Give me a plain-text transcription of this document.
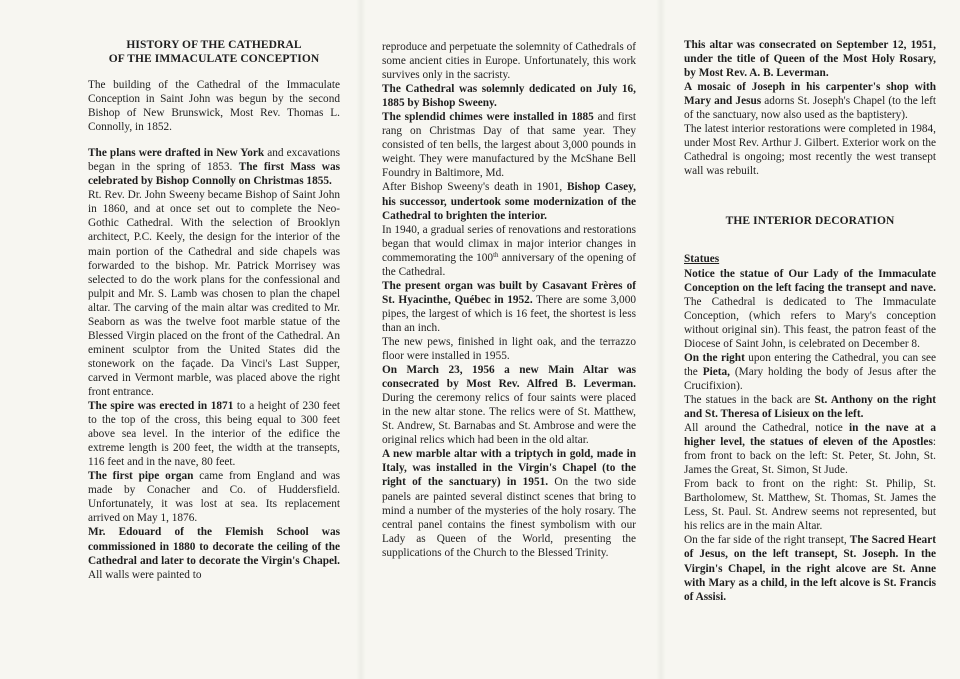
HISTORY OF THE CATHEDRAL
OF THE IMMACULATE CONCEPTION

The building of the Cathedral of the Immaculate Conception in Saint John was begun by the second Bishop of New Brunswick, Most Rev. Thomas L. Connolly, in 1852.

The plans were drafted in New York and excavations began in the spring of 1853. The first Mass was celebrated by Bishop Connolly on Christmas 1855.

Rt. Rev. Dr. John Sweeny became Bishop of Saint John in 1860, and at once set out to complete the Neo-Gothic Cathedral. With the selection of Brooklyn architect, P.C. Keely, the design for the interior of the main portion of the Cathedral and side chapels was forwarded to the bishop. Mr. Patrick Morrisey was selected to do the work plans for the confessional and pulpit and Mr. S. Lamb was chosen to plan the chapel altar. The carving of the main altar was credited to Mr. Seaborn as was the twelve foot marble statue of the Blessed Virgin placed on the front of the Cathedral. An eminent sculptor from the United States did the stonework on the façade. Da Vinci's Last Supper, carved in Vermont marble, was placed above the right front entrance.

The spire was erected in 1871 to a height of 230 feet to the top of the cross, this being equal to 300 feet above sea level. In the interior of the edifice the extreme length is 200 feet, the width at the transepts, 116 feet and in the nave, 80 feet.

The first pipe organ came from England and was made by Conacher and Co. of Huddersfield. Unfortunately, it was lost at sea. Its replacement arrived on May 1, 1876.

Mr. Edouard of the Flemish School was commissioned in 1880 to decorate the ceiling of the Cathedral and later to decorate the Virgin's Chapel. All walls were painted to

reproduce and perpetuate the solemnity of Cathedrals of some ancient cities in Europe. Unfortunately, this work survives only in the sacristy.

The Cathedral was solemnly dedicated on July 16, 1885 by Bishop Sweeny.

The splendid chimes were installed in 1885 and first rang on Christmas Day of that same year. They consisted of ten bells, the largest about 3,000 pounds in weight. They were manufactured by the McShane Bell Foundry in Baltimore, Md.

After Bishop Sweeny's death in 1901, Bishop Casey, his successor, undertook some modernization of the Cathedral to brighten the interior.

In 1940, a gradual series of renovations and restorations began that would climax in major interior changes in commemorating the 100th anniversary of the opening of the Cathedral.

The present organ was built by Casavant Frères of St. Hyacinthe, Québec in 1952. There are some 3,000 pipes, the largest of which is 16 feet, the shortest is less than an inch.

The new pews, finished in light oak, and the terrazzo floor were installed in 1955.

On March 23, 1956 a new Main Altar was consecrated by Most Rev. Alfred B. Leverman. During the ceremony relics of four saints were placed in the new altar stone. The relics were of St. Matthew, St. Andrew, St. Barnabas and St. Ambrose and were the original relics which had been in the old altar.

A new marble altar with a triptych in gold, made in Italy, was installed in the Virgin's Chapel (to the right of the sanctuary) in 1951. On the two side panels are painted several distinct scenes that bring to mind a number of the mysteries of the holy rosary. The central panel contains the finest symbolism with our Lady as Queen of the World, presenting the supplications of the Church to the Blessed Trinity.

This altar was consecrated on September 12, 1951, under the title of Queen of the Most Holy Rosary, by Most Rev. A. B. Leverman.

A mosaic of Joseph in his carpenter's shop with Mary and Jesus adorns St. Joseph's Chapel (to the left of the sanctuary, now also used as the baptistery).

The latest interior restorations were completed in 1984, under Most Rev. Arthur J. Gilbert. Exterior work on the Cathedral is ongoing; most recently the west transept wall was rebuilt.

THE INTERIOR DECORATION

Statues

Notice the statue of Our Lady of the Immaculate Conception on the left facing the transept and nave. The Cathedral is dedicated to The Immaculate Conception, (which refers to Mary's conception without original sin). This feast, the patron feast of the Diocese of Saint John, is celebrated on December 8.

On the right upon entering the Cathedral, you can see the Pieta, (Mary holding the body of Jesus after the Crucifixion).

The statues in the back are St. Anthony on the right and St. Theresa of Lisieux on the left.

All around the Cathedral, notice in the nave at a higher level, the statues of eleven of the Apostles: from front to back on the left: St. Peter, St. John, St. James the Great, St. Simon, St Jude.

From back to front on the right: St. Philip, St. Bartholomew, St. Matthew, St. Thomas, St. James the Less, St. Paul. St. Andrew seems not represented, but his relics are in the main Altar.

On the far side of the right transept, The Sacred Heart of Jesus, on the left transept, St. Joseph. In the Virgin's Chapel, in the right alcove are St. Anne with Mary as a child, in the left alcove is St. Francis of Assisi.
